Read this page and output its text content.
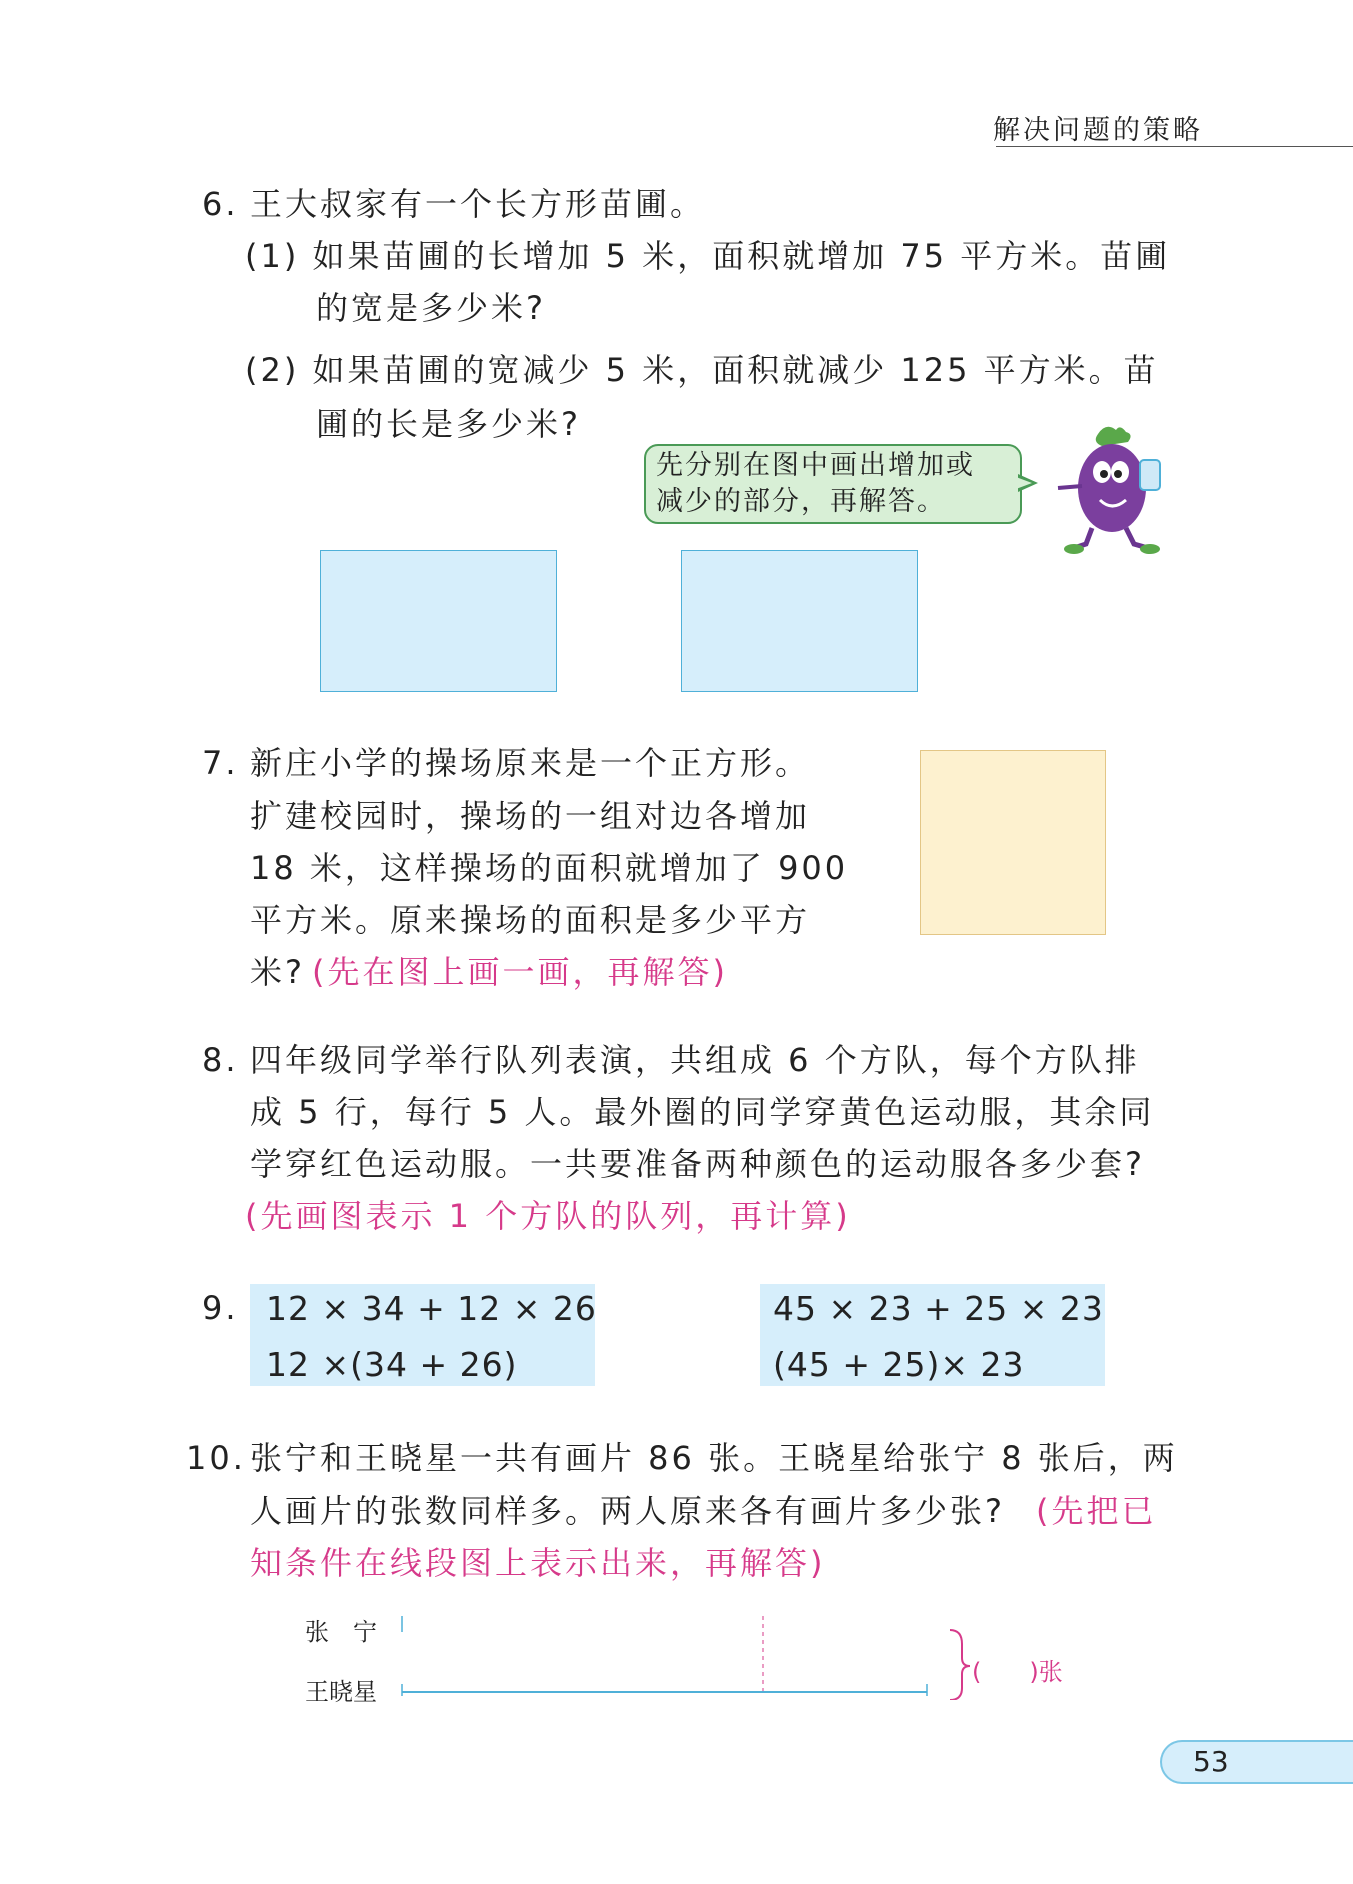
解决问题的策略
6. 王大叔家有一个长方形苗圃。
(1) 如果苗圃的长增加 5 米，面积就增加 75 平方米。苗圃
的宽是多少米?
(2) 如果苗圃的宽减少 5 米，面积就减少 125 平方米。苗
圃的长是多少米?
先分别在图中画出增加或
减少的部分，再解答。
7. 新庄小学的操场原来是一个正方形。
扩建校园时，操场的一组对边各增加
18 米，这样操场的面积就增加了 900
平方米。原来操场的面积是多少平方
米? (先在图上画一画，再解答)
8. 四年级同学举行队列表演，共组成 6 个方队，每个方队排
成 5 行，每行 5 人。最外圈的同学穿黄色运动服，其余同
学穿红色运动服。一共要准备两种颜色的运动服各多少套?
(先画图表示 1 个方队的队列，再计算)
9. 12 × 34 + 12 × 26
12 ×(34 + 26)
45 × 23 + 25 × 23
(45 + 25)× 23
10. 张宁和王晓星一共有画片 86 张。王晓星给张宁 8 张后，两
人画片的张数同样多。两人原来各有画片多少张? (先把已
知条件在线段图上表示出来，再解答)
张　宁
王晓星
(　　)张
53
